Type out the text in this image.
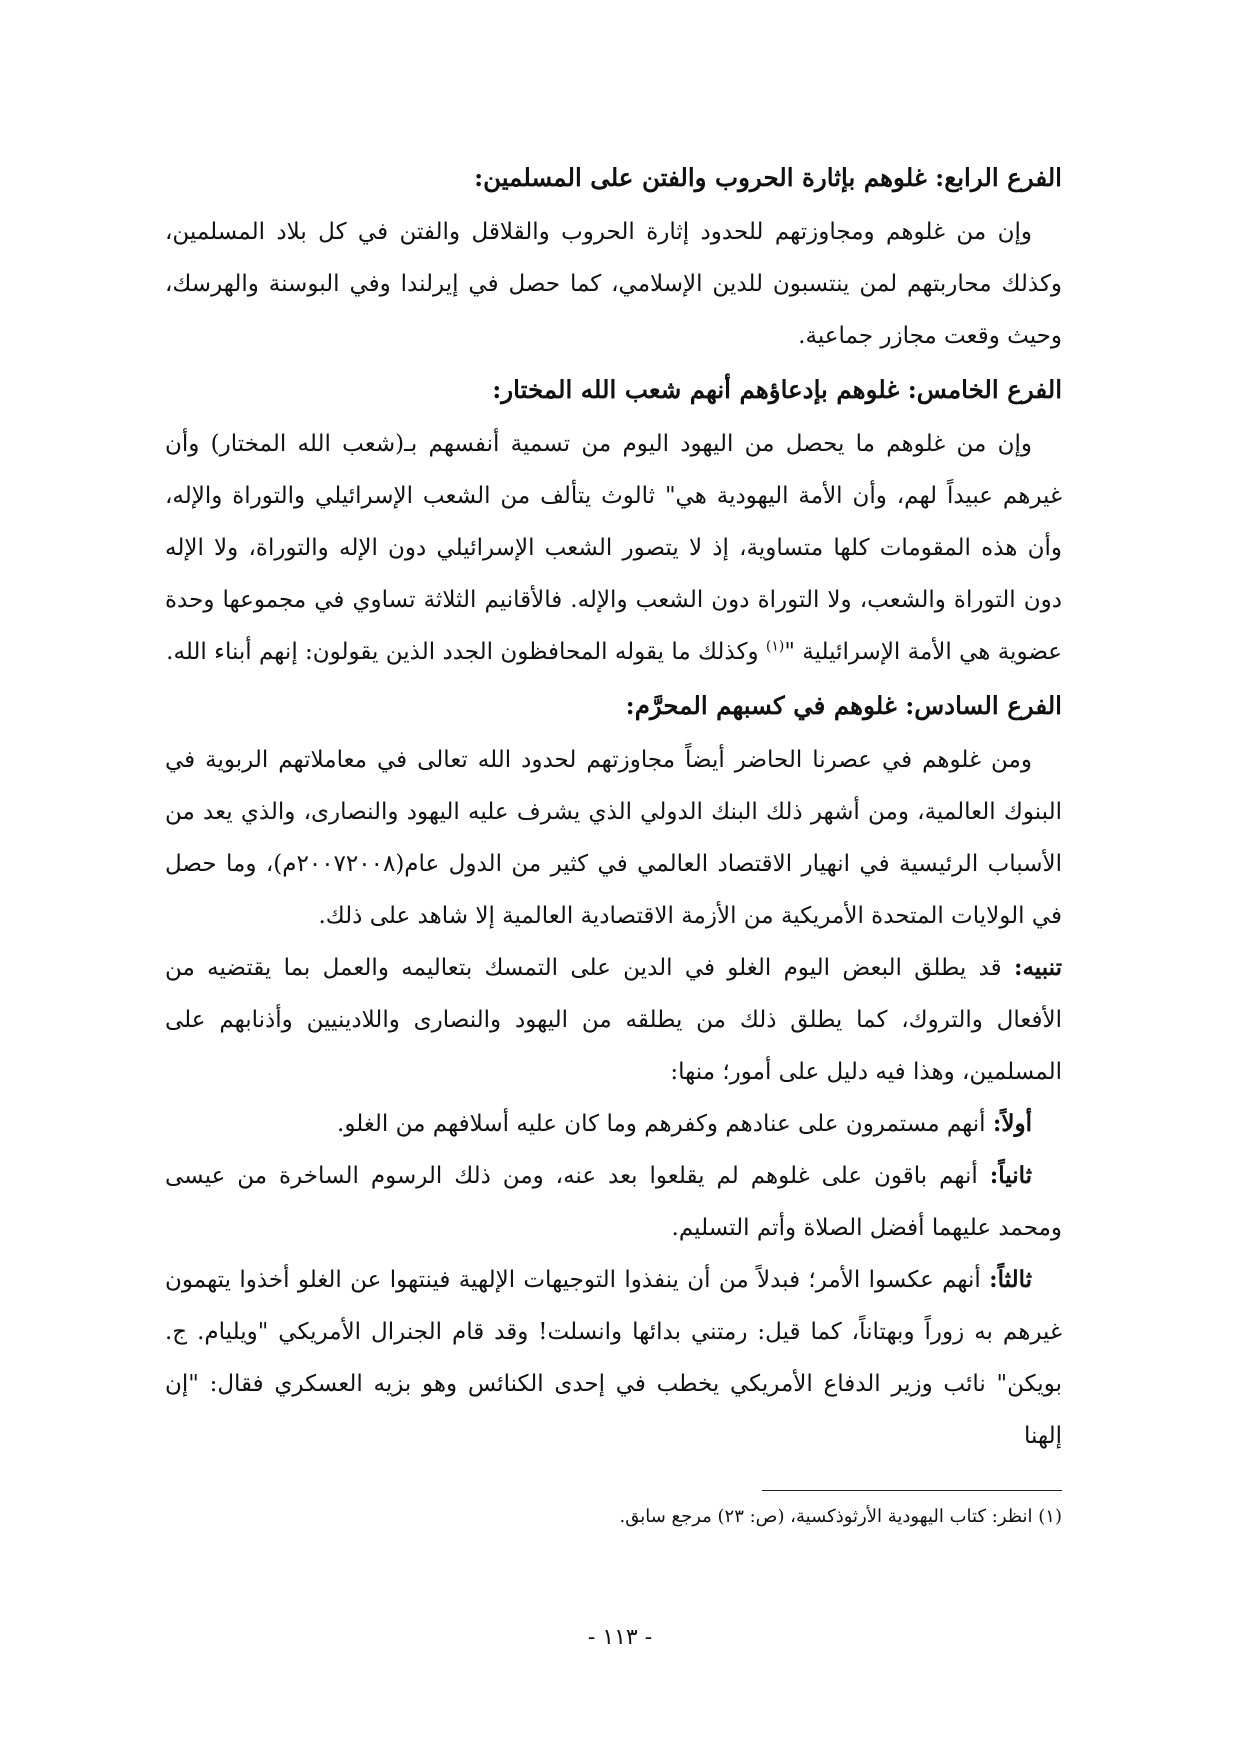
الفرع الرابع: غلوهم بإثارة الحروب والفتن على المسلمين:

وإن من غلوهم ومجاوزتهم للحدود إثارة الحروب والقلاقل والفتن في كل بلاد المسلمين، وكذلك محاربتهم لمن ينتسبون للدين الإسلامي، كما حصل في إيرلندا وفي البوسنة والهرسك، وحيث وقعت مجازر جماعية.

الفرع الخامس: غلوهم بإدعاؤهم أنهم شعب الله المختار:

وإن من غلوهم ما يحصل من اليهود اليوم من تسمية أنفسهم بـ(شعب الله المختار) وأن غيرهم عبيداً لهم، وأن الأمة اليهودية هي" ثالوث يتألف من الشعب الإسرائيلي والتوراة والإله، وأن هذه المقومات كلها متساوية، إذ لا يتصور الشعب الإسرائيلي دون الإله والتوراة، ولا الإله دون التوراة والشعب، ولا التوراة دون الشعب والإله. فالأقانيم الثلاثة تساوي في مجموعها وحدة عضوية هي الأمة الإسرائيلية "$^{(١)}$ وكذلك ما يقوله المحافظون الجدد الذين يقولون: إنهم أبناء الله.

الفرع السادس: غلوهم في كسبهم المحرَّم:

ومن غلوهم في عصرنا الحاضر أيضاً مجاوزتهم لحدود الله تعالى في معاملاتهم الربوية في البنوك العالمية، ومن أشهر ذلك البنك الدولي الذي يشرف عليه اليهود والنصارى، والذي يعد من الأسباب الرئيسية في انهيار الاقتصاد العالمي في كثير من الدول عام(٢٠٠٧٢٠٠٨م)، وما حصل في الولايات المتحدة الأمريكية من الأزمة الاقتصادية العالمية إلا شاهد على ذلك.

تنبيه: قد يطلق البعض اليوم الغلو في الدين على التمسك بتعاليمه والعمل بما يقتضيه من الأفعال والتروك، كما يطلق ذلك من يطلقه من اليهود والنصارى واللادينيين وأذنابهم على المسلمين، وهذا فيه دليل على أمور؛ منها:

أولاً: أنهم مستمرون على عنادهم وكفرهم وما كان عليه أسلافهم من الغلو.

ثانياً: أنهم باقون على غلوهم لم يقلعوا بعد عنه، ومن ذلك الرسوم الساخرة من عيسى ومحمد عليهما أفضل الصلاة وأتم التسليم.

ثالثاً: أنهم عكسوا الأمر؛ فبدلاً من أن ينفذوا التوجيهات الإلهية فينتهوا عن الغلو أخذوا يتهمون غيرهم به زوراً وبهتاناً، كما قيل: رمتني بدائها وانسلت! وقد قام الجنرال الأمريكي "ويليام. ج. بويكن" نائب وزير الدفاع الأمريكي يخطب في إحدى الكنائس وهو بزيه العسكري فقال: "إن إلهنا

(١) انظر: كتاب اليهودية الأرثوذكسية، (ص: ٢٣) مرجع سابق.
- ١١٣ -
